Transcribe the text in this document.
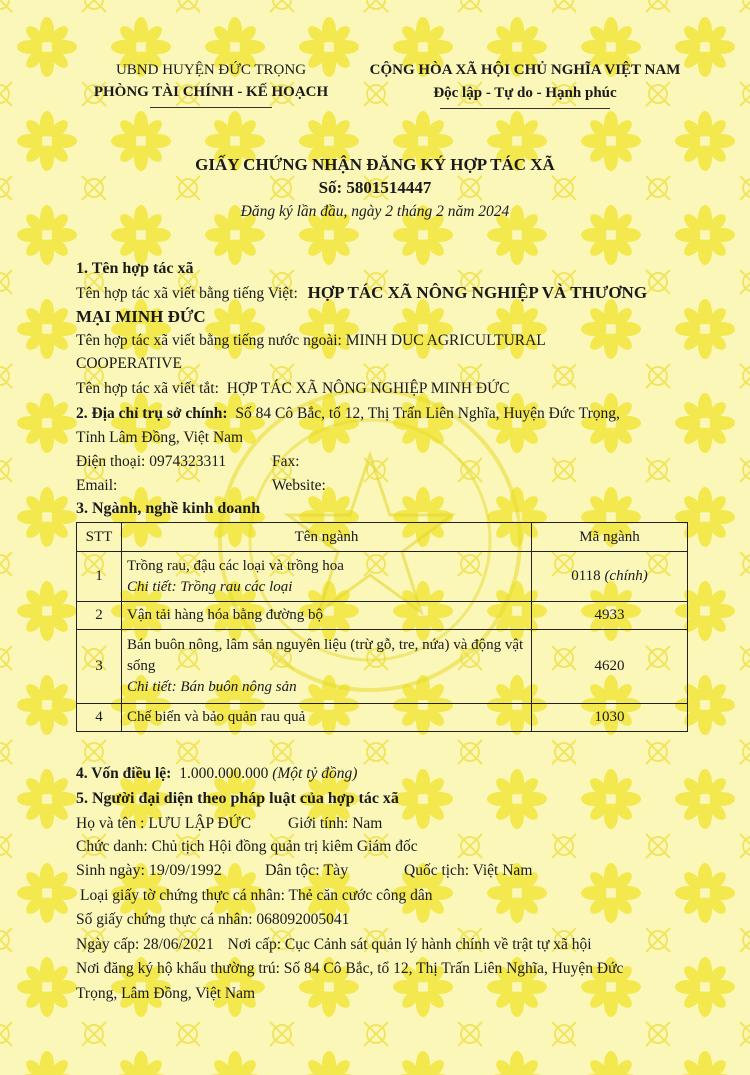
UBND HUYỆN ĐỨC TRỌNG
PHÒNG TÀI CHÍNH - KẾ HOẠCH
CỘNG HÒA XÃ HỘI CHỦ NGHĨA VIỆT NAM
Độc lập - Tự do - Hạnh phúc
GIẤY CHỨNG NHẬN ĐĂNG KÝ HỢP TÁC XÃ
Số: 5801514447
Đăng ký lần đầu, ngày 2 tháng 2 năm 2024
1. Tên hợp tác xã
Tên hợp tác xã viết bằng tiếng Việt: HỢP TÁC XÃ NÔNG NGHIỆP VÀ THƯƠNG
MẠI MINH ĐỨC
Tên hợp tác xã viết bằng tiếng nước ngoài: MINH DUC AGRICULTURAL
COOPERATIVE
Tên hợp tác xã viết tắt: HỢP TÁC XÃ NÔNG NGHIỆP MINH ĐỨC
2. Địa chỉ trụ sở chính: Số 84 Cô Bắc, tổ 12, Thị Trấn Liên Nghĩa, Huyện Đức Trọng,
Tỉnh Lâm Đồng, Việt Nam
Điện thoại: 0974323311	Fax:
Email:	Website:
3. Ngành, nghề kinh doanh
STT	Tên ngành	Mã ngành
1	Trồng rau, đậu các loại và trồng hoa
Chi tiết: Trồng rau các loại	0118 (chính)
2	Vận tải hàng hóa bằng đường bộ	4933
3	Bán buôn nông, lâm sản nguyên liệu (trừ gỗ, tre, nứa) và động vật
sống
Chi tiết: Bán buôn nông sản	4620
4	Chế biến và bảo quản rau quả	1030
4. Vốn điều lệ: 1.000.000.000 (Một tỷ đồng)
5. Người đại diện theo pháp luật của hợp tác xã
Họ và tên : LƯU LẬP ĐỨC Giới tính: Nam
Chức danh: Chủ tịch Hội đồng quản trị kiêm Giám đốc
Sinh ngày: 19/09/1992	Dân tộc: Tày	Quốc tịch: Việt Nam
Loại giấy tờ chứng thực cá nhân: Thẻ căn cước công dân
Số giấy chứng thực cá nhân: 068092005041
Ngày cấp: 28/06/2021 Nơi cấp: Cục Cảnh sát quản lý hành chính về trật tự xã hội
Nơi đăng ký hộ khẩu thường trú: Số 84 Cô Bắc, tổ 12, Thị Trấn Liên Nghĩa, Huyện Đức
Trọng, Lâm Đồng, Việt Nam
